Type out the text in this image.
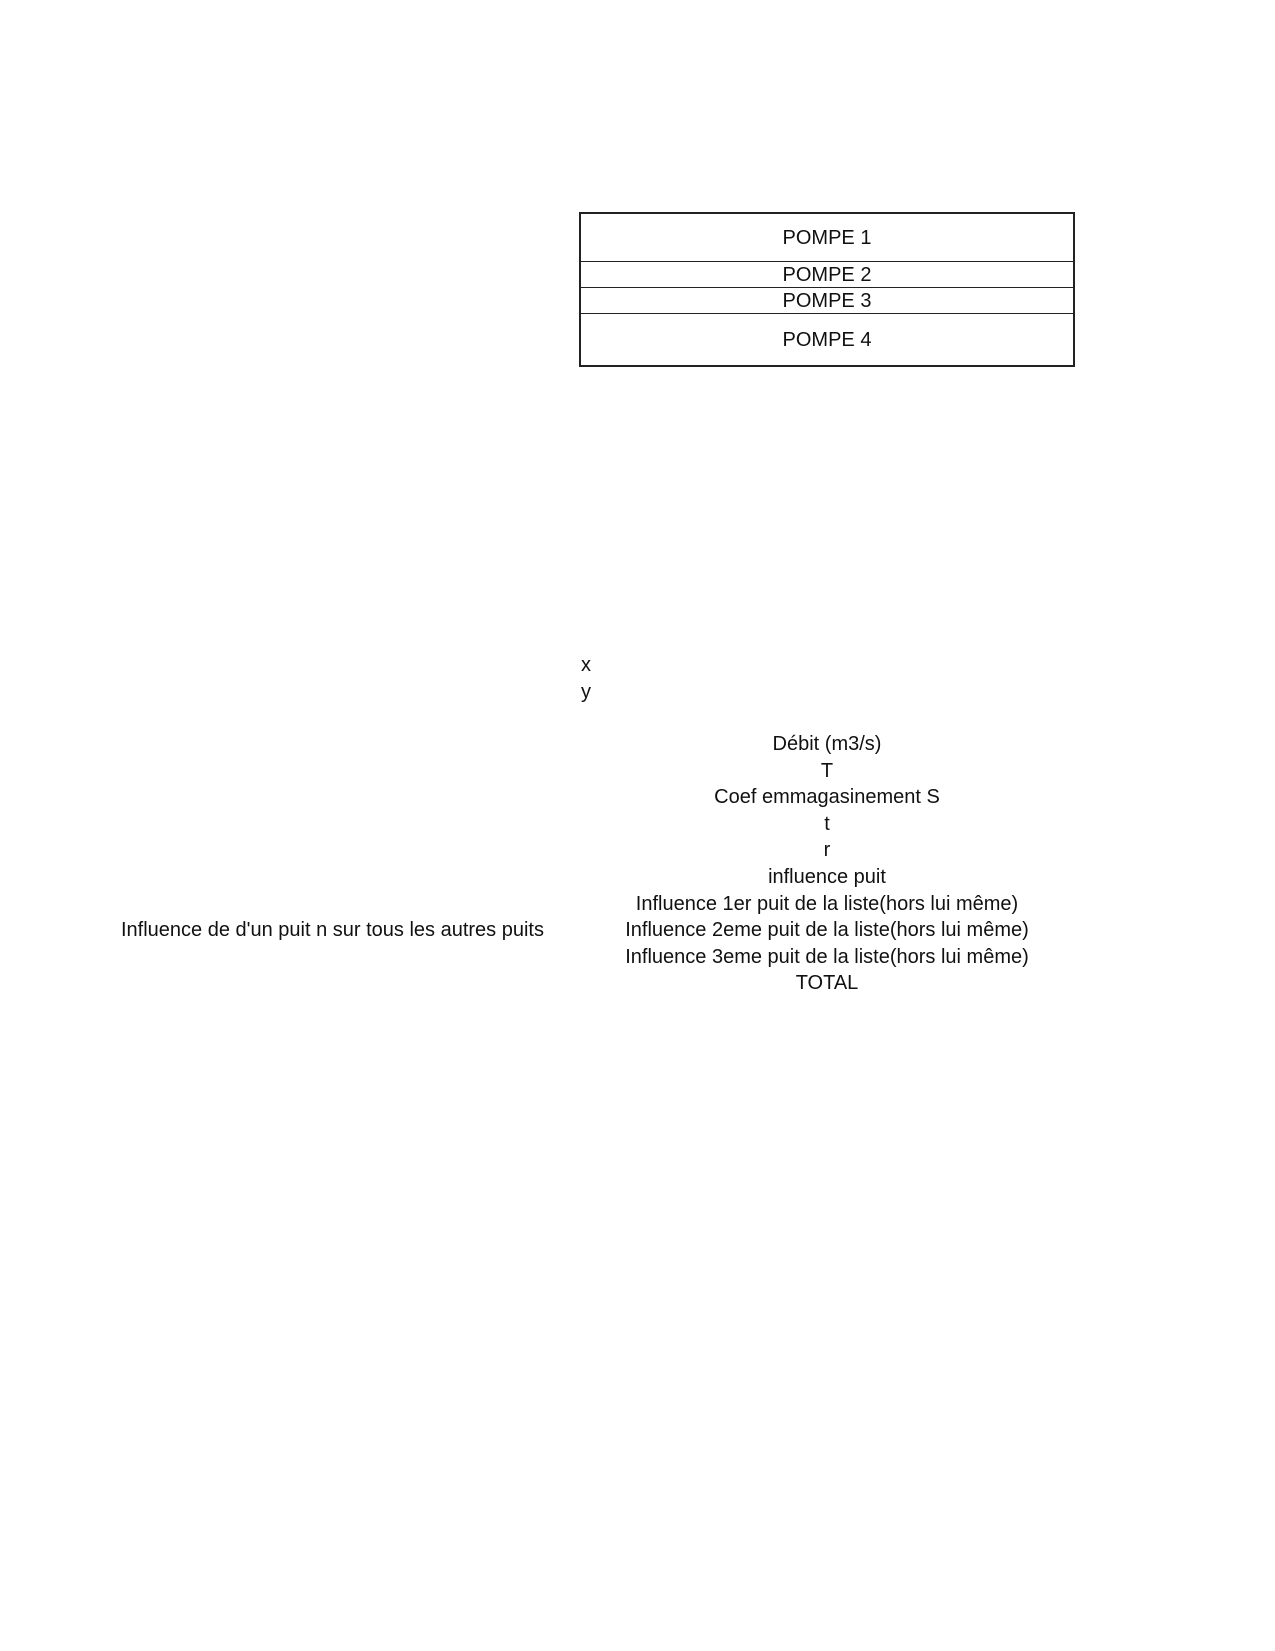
POMPE 1
POMPE 2
POMPE 3
POMPE 4
x
y
Débit (m3/s)
T
Coef emmagasinement S
t
r
influence puit
Influence 1er puit de la liste(hors lui même)
Influence 2eme puit de la liste(hors lui même)
Influence 3eme puit de la liste(hors lui même)
TOTAL
Influence de d'un puit n sur tous les autres puits
